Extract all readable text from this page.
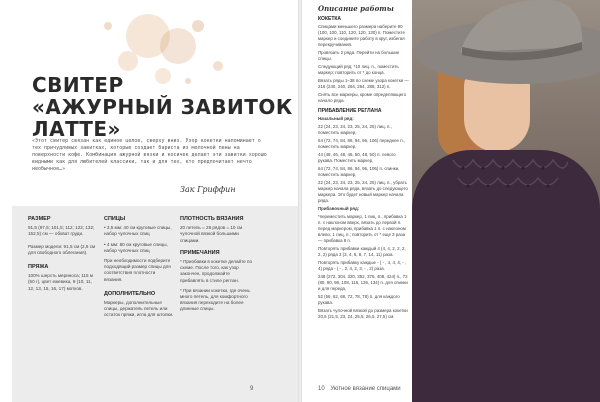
СВИТЕР
«АЖУРНЫЙ ЗАВИТОК ЛАТТЕ»
«Этот свитер связан как единое целое, сверху вниз. Узор кокетки напоминает о тех причудливых завитках, которые создает бариста из молочной пены на поверхности кофе. Комбинация ажурной вязки и косичек делает эти завитки хорошо видными как для любителей классики, так и для тех, кто предпочитает нечто необычное…»
Зак Гриффин
РАЗМЕР
91,5 (97,5; 101,5; 112; 122; 132; 152,5) см — обхват груди.
Размер модели: 91,5 см (2,5 см для свободного облегания).
ПРЯЖА
100% шерсть мериноса; 115 м (50 г), цвет ежевика, 9 (10, 11, 12, 13, 15, 16, 17) мотков.
СПИЦЫ
• 3,5 мм: 40 см круговые спицы, набор чулочных спиц
• 4 мм: 80 см круговые спицы, набор чулочных спиц
При необходимости подберите подходящий размер спицы для соответствия плотности вязания.
ДОПОЛНИТЕЛЬНО
Маркеры, дополнительные спицы, держатель петель или остаток пряжи, игла для штопки.
ПЛОТНОСТЬ ВЯЗАНИЯ
20 петель = 28 рядов = 10 см чулочной вязкой большими спицами.
ПРИМЕЧАНИЯ
* Приобавки в кокетке делайте по схеме. После того, как узор закончен, продолжайте прибавлять в стиле реглан.
* При вязании кокетки, где очень много петель, для комфортного вязания переходите на более длинные спицы.
9
Описание работы
КОКЕТКА
Спицами меньшего размера наберите 90 (100, 100, 110, 120, 120, 130) п. Поместите маркер и соедините работу в круг, избегая перекручивания.
Провязать 2 ряда. Перейти на большие спицы.
Следующий ряд: *10 лиц. п., поместить маркер; повторить от * до конца.
Вязать ряды 1–38 по схеме узора кокетки — 216 (240, 240, 264, 264, 288, 312) п.
Снять все маркеры, кроме определяющего начало ряда.
ПРИБАВЛЕНИЕ РЕГЛАНА
Начальный ряд:
22 (24, 23, 24, 23, 25, 24, 25) лиц. п., поместить маркер,
64 (72, 74, 84, 86, 94, 96, 106) переднее п., поместить маркер,
44 (48, 46, 48, 46, 50, 48, 50) п. левого рукава. Поместить маркер,
64 (72, 74, 84, 86, 94, 96, 106) п. спинки, поместить маркер,
22 (24, 23, 24, 23, 25, 24, 25) лиц. п., убрать маркер начала ряда, вязать до следующего маркера. Это будет новый маркер начала ряда.
Прибавочный ряд:
*переместить маркер, 1 лиц. п., прибавка 1 п. с наклоном вверх, вязать до первой п. перед маркером, прибавка 1 п. с наклоном влево, 1 лиц. п.; повторить от * еще 3 раза — прибавка 8 п.
Повторять прибавки каждый 4 (4, 4, 2, 2, 2, 2, 2) ряда 3 (3, 4, 5, 8, 7, 14, 11) раза.
Повторять прибавку каждые - ( - , 4, 4, 4, - , 4) ряда - ( - , 2, 4, 2, 3, - , 2) раза.
248 (272, 304, 320, 352, 376, 408, 424) п., 72 (80, 90, 98, 108, 116, 126, 134) п. для спинки и для переда,
52 (56, 62, 68, 72, 78, 78) п. для каждого рукава.
Вязать чулочной вязкой до размера кокетки 20,5 (21,5, 23, 24, 25,5, 26,5, 27,5) см.
10 Уютное вязание спицами
